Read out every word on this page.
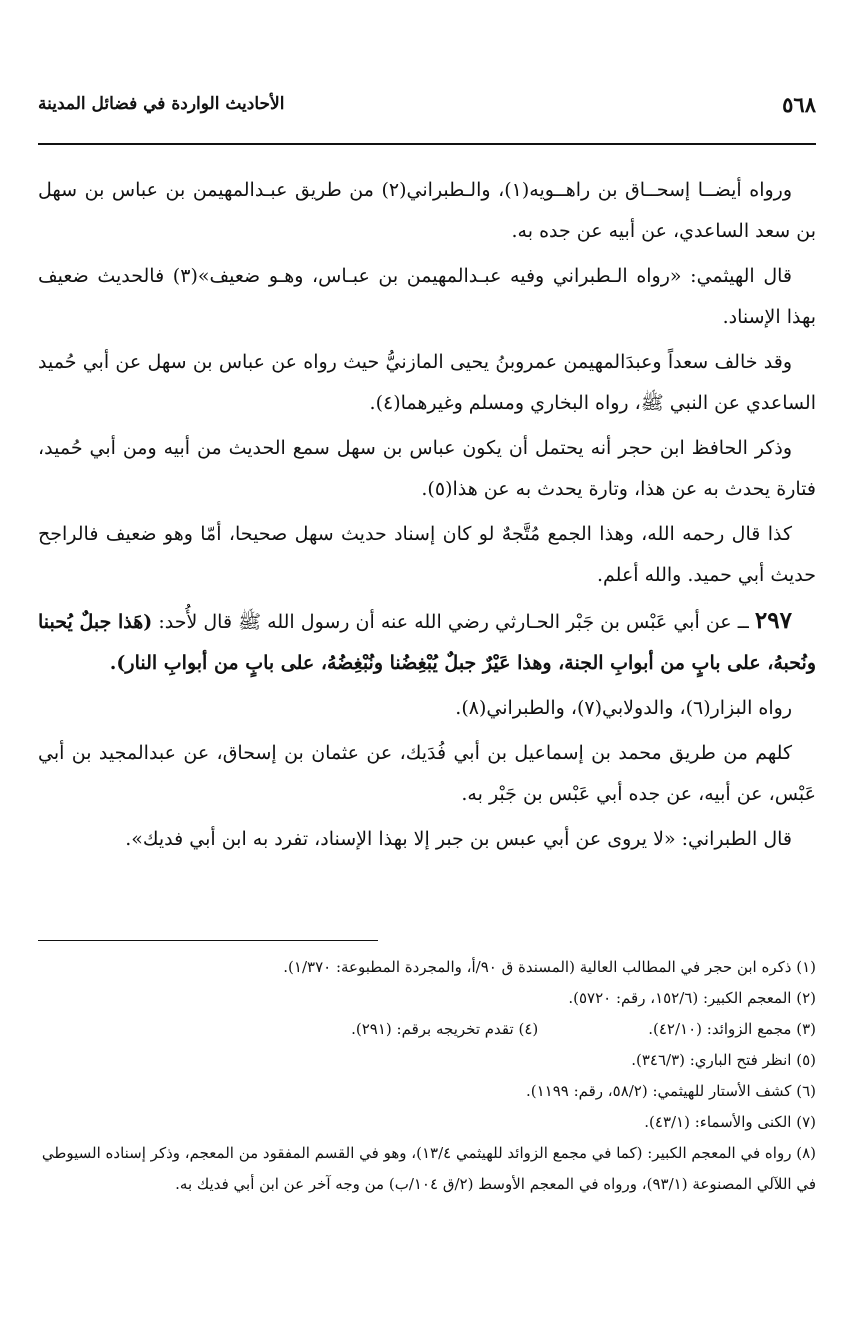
٥٦٨
الأحاديث الواردة في فضائل المدينة

ورواه أيضــا إسحــاق بن راهــويه(١)، والـطبراني(٢) من طريق عبـدالمهيمن بن عباس بن سهل بن سعد الساعدي، عن أبيه عن جده به.

قال الهيثمي: «رواه الـطبراني وفيه عبـدالمهيمن بن عبـاس، وهـو ضعيف»(٣) فالحديث ضعيف بهذا الإسناد.

وقد خالف سعداً وعبدَالمهيمن عمروبنُ يحيى المازنيُّ حيث رواه عن عباس بن سهل عن أبي حُميد الساعدي عن النبي ﷺ، رواه البخاري ومسلم وغيرهما(٤).

وذكر الحافظ ابن حجر أنه يحتمل أن يكون عباس بن سهل سمع الحديث من أبيه ومن أبي حُميد، فتارة يحدث به عن هذا، وتارة يحدث به عن هذا(٥).

كذا قال رحمه الله، وهذا الجمع مُتَّجهٌ لو كان إسناد حديث سهل صحيحا، أمّا وهو ضعيف فالراجح حديث أبي حميد. والله أعلم.

٢٩٧ ــ عن أبي عَبْس بن جَبْر الحـارثي رضي الله عنه أن رسول الله ﷺ قال لأُحد: (هَذا جبلٌ يُحبنا ونُحبهُ، على بابٍ من أبوابِ الجنة، وهذا عَيْرٌ جبلٌ يُبْغِضُنا ونُبْغِضُهُ، على بابٍ من أبوابِ النار).

رواه البزار(٦)، والدولابي(٧)، والطبراني(٨).

كلهم من طريق محمد بن إسماعيل بن أبي فُدَيك، عن عثمان بن إسحاق، عن عبدالمجيد بن أبي عَبْس، عن أبيه، عن جده أبي عَبْس بن جَبْر به.

قال الطبراني: «لا يروى عن أبي عبس بن جبر إلا بهذا الإسناد، تفرد به ابن أبي فديك».

(١) ذكره ابن حجر في المطالب العالية (المسندة ق ٩٠/أ، والمجردة المطبوعة: ١/٣٧٠).

(٢) المعجم الكبير: (١٥٢/٦، رقم: ٥٧٢٠).

(٣) مجمع الزوائد: (٤٢/١٠).

(٤) تقدم تخريجه برقم: (٢٩١).

(٥) انظر فتح الباري: (٣٤٦/٣).

(٦) كشف الأستار للهيثمي: (٥٨/٢، رقم: ١١٩٩).

(٧) الكنى والأسماء: (٤٣/١).

(٨) رواه في المعجم الكبير: (كما في مجمع الزوائد للهيثمي ١٣/٤)، وهو في القسم المفقود من المعجم، وذكر إسناده السيوطي في اللآلي المصنوعة (٩٣/١)، ورواه في المعجم الأوسط (٢/ق ١٠٤/ب) من وجه آخر عن ابن أبي فديك به.
